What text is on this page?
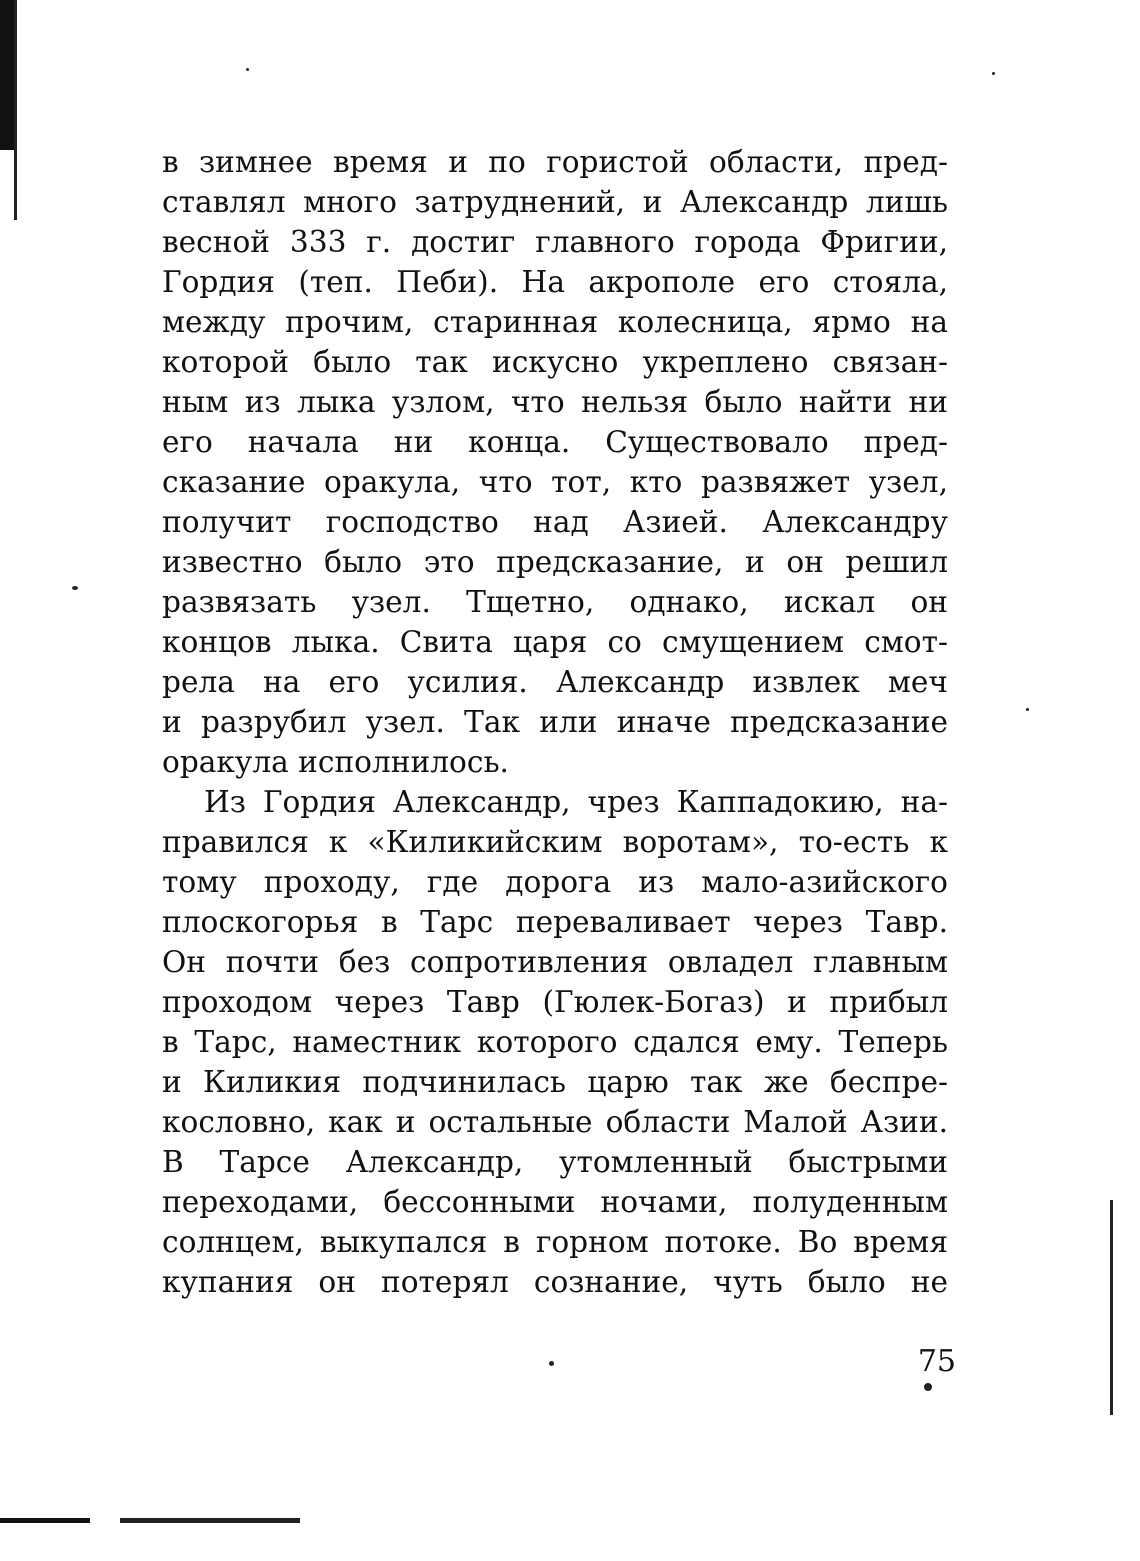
в зимнее время и по гористой области, пред-
ставлял много затруднений, и Александр лишь
весной 333 г. достиг главного города Фригии,
Гордия (теп. Пеби). На акрополе его стояла,
между прочим, старинная колесница, ярмо на
которой было так искусно укреплено связан-
ным из лыка узлом, что нельзя было найти ни
его начала ни конца. Существовало пред-
сказание оракула, что тот, кто развяжет узел,
получит господство над Азией. Александру
известно было это предсказание, и он решил
развязать узел. Тщетно, однако, искал он
концов лыка. Свита царя со смущением смот-
рела на его усилия. Александр извлек меч
и разрубил узел. Так или иначе предсказание
оракула исполнилось.
Из Гордия Александр, чрез Каппадокию, на-
правился к «Киликийским воротам», то-есть к
тому проходу, где дорога из мало-азийского
плоскогорья в Тарс переваливает через Тавр.
Он почти без сопротивления овладел главным
проходом через Тавр (Гюлек-Богаз) и прибыл
в Тарс, наместник которого сдался ему. Теперь
и Киликия подчинилась царю так же беспре-
кословно, как и остальные области Малой Азии.
В Тарсе Александр, утомленный быстрыми
переходами, бессонными ночами, полуденным
солнцем, выкупался в горном потоке. Во время
купания он потерял сознание, чуть было не
75
